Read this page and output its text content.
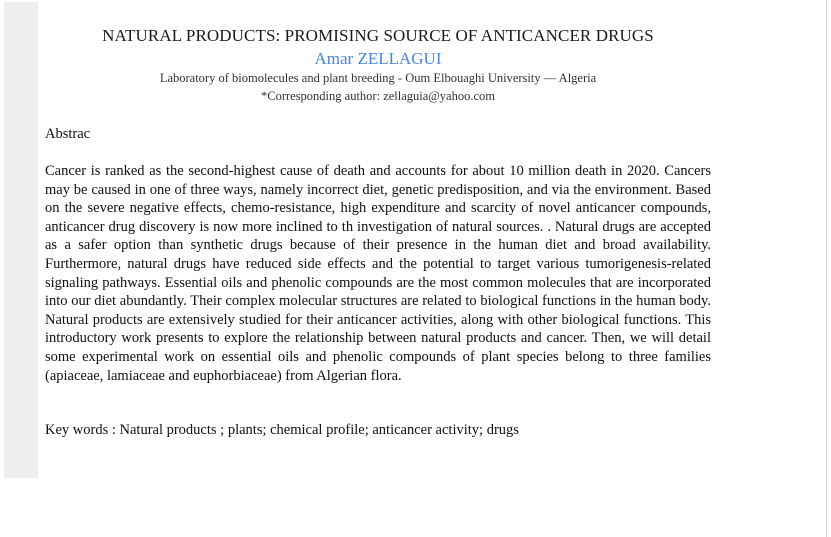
NATURAL PRODUCTS: PROMISING SOURCE OF ANTICANCER DRUGS
Amar ZELLAGUI
Laboratory of biomolecules and plant breeding - Oum Elbouaghi University — Algeria
*Corresponding author: zellaguia@yahoo.com
Abstrac

Cancer is ranked as the second-highest cause of death and accounts for about 10 million death in 2020. Cancers may be caused in one of three ways, namely incorrect diet, genetic predisposition, and via the environment. Based on the severe negative effects, chemo-resistance, high expenditure and scarcity of novel anticancer compounds, anticancer drug discovery is now more inclined to th investigation of natural sources. . Natural drugs are accepted as a safer option than synthetic drugs because of their presence in the human diet and broad availability. Furthermore, natural drugs have reduced side effects and the potential to target various tumorigenesis-related signaling pathways. Essential oils and phenolic compounds are the most common molecules that are incorporated into our diet abundantly. Their complex molecular structures are related to biological functions in the human body. Natural products are extensively studied for their anticancer activities, along with other biological functions. This introductory work presents to explore the relationship between natural products and cancer. Then, we will detail some experimental work on essential oils and phenolic compounds of plant species belong to three families (apiaceae, lamiaceae and euphorbiaceae) from Algerian flora.

Key words : Natural products ; plants; chemical profile; anticancer activity; drugs
